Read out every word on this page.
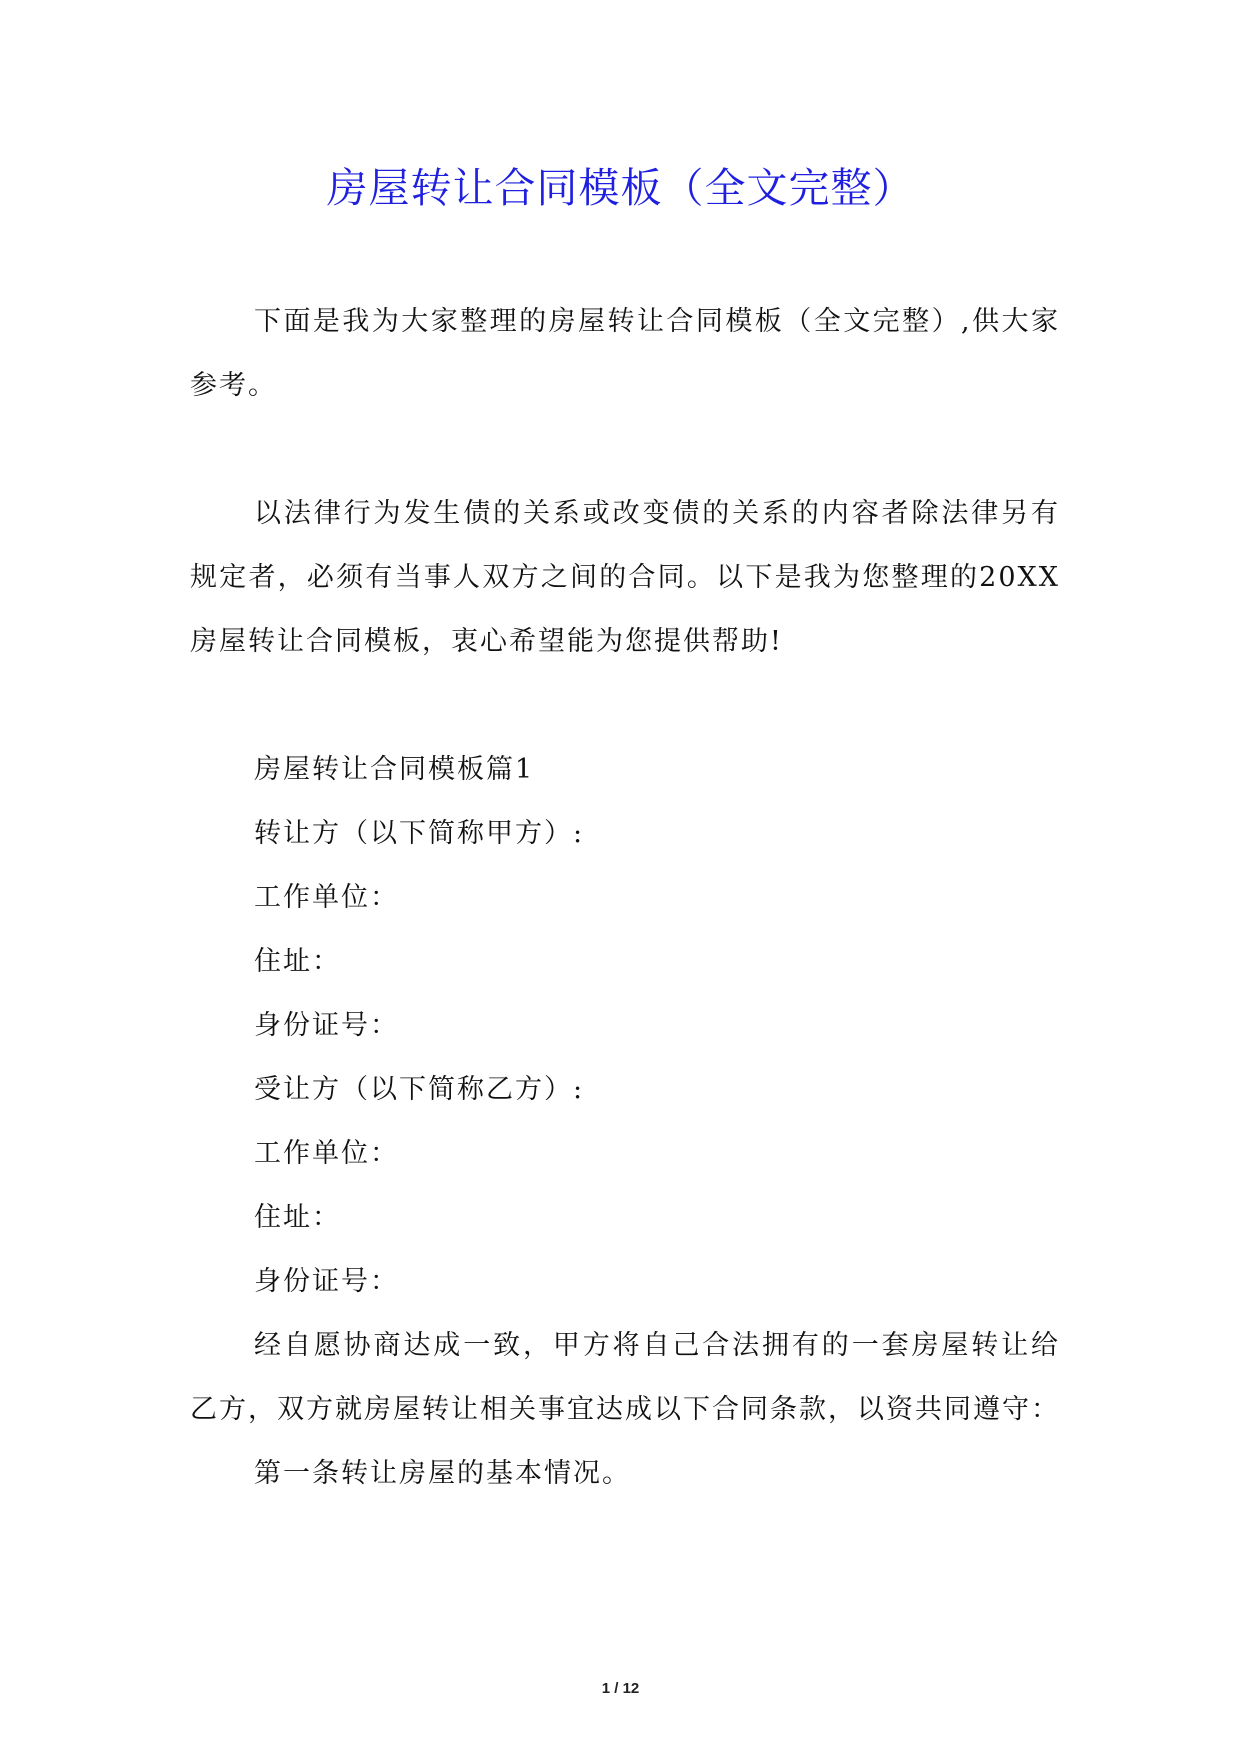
房屋转让合同模板（全文完整）

下面是我为大家整理的房屋转让合同模板（全文完整）,供大家参考。

以法律行为发生债的关系或改变债的关系的内容者除法律另有规定者，必须有当事人双方之间的合同。以下是我为您整理的20XX房屋转让合同模板，衷心希望能为您提供帮助!

房屋转让合同模板篇1

转让方（以下简称甲方）:

工作单位：

住址：

身份证号：

受让方（以下简称乙方）:

工作单位：

住址：

身份证号：

经自愿协商达成一致，甲方将自己合法拥有的一套房屋转让给乙方，双方就房屋转让相关事宜达成以下合同条款，以资共同遵守：

第一条转让房屋的基本情况。

1 / 12
